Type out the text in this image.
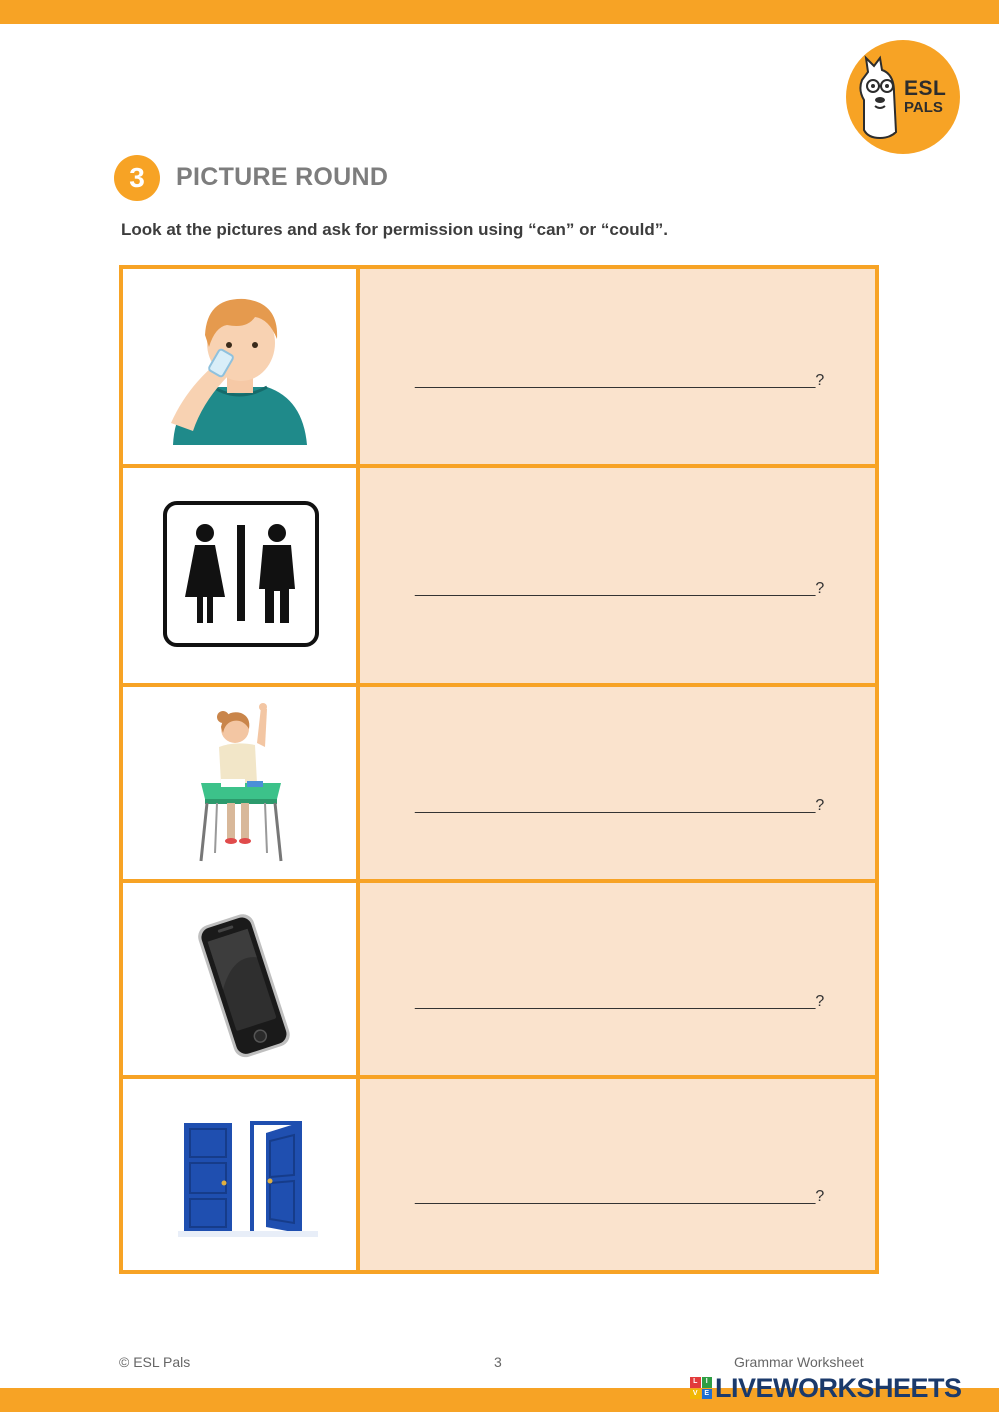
ESL
PALS
3	PICTURE ROUND
Look at the pictures and ask for permission using “can” or “could”.
_____________________________________________?
_____________________________________________?
_____________________________________________?
_____________________________________________?
_____________________________________________?
© ESL Pals	3	Grammar Worksheet
L	I
V E LIVEWORKSHEETS
